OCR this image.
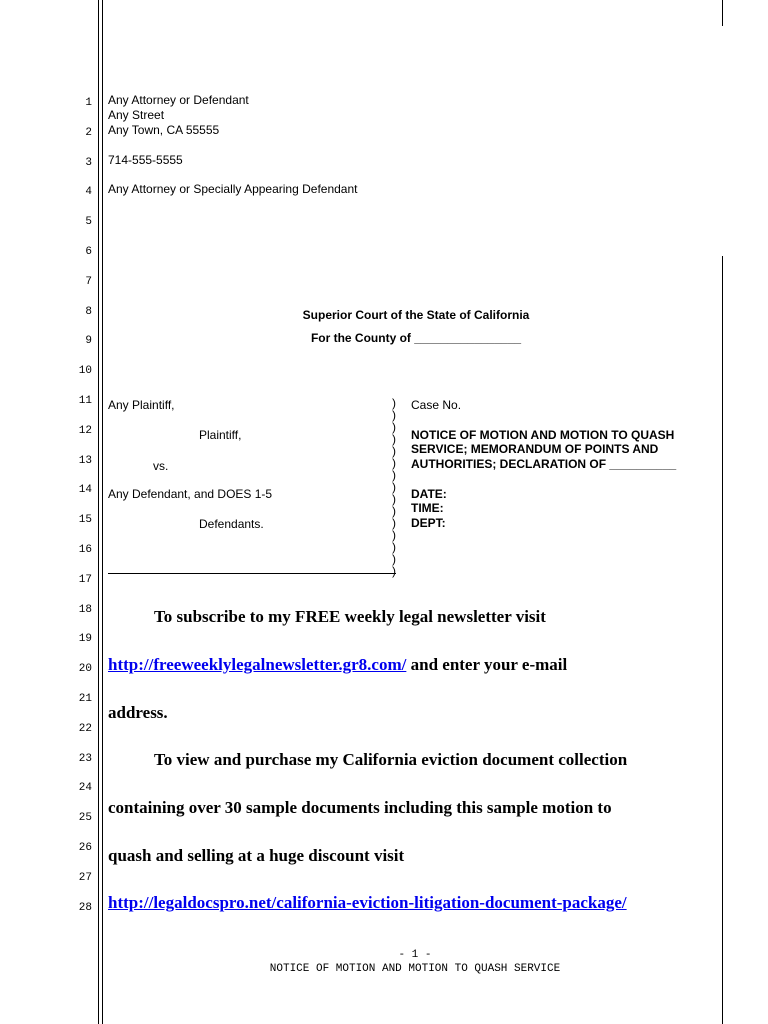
1
2
3
4
5
6
7
8
9
10
11
12
13
14
15
16
17
18
19
20
21
22
23
24
25
26
27
28
Any Attorney or Defendant
Any Street
Any Town, CA 55555
714-555-5555
Any Attorney or Specially Appearing Defendant
Superior Court of the State of California
For the County of ________________
Any Plaintiff,
Plaintiff,
vs.
Any Defendant, and DOES 1-5
Defendants.
)
)
)
)
)
)
)
)
)
)
)
)
)
)
)
Case No.
NOTICE OF MOTION AND MOTION TO QUASH
SERVICE; MEMORANDUM OF POINTS AND
AUTHORITIES; DECLARATION OF __________
DATE:
TIME:
DEPT:
To subscribe to my FREE weekly legal newsletter visit
http://freeweeklylegalnewsletter.gr8.com/ and enter your e-mail
address.
To view and purchase my California eviction document collection
containing over 30 sample documents including this sample motion to
quash and selling at a huge discount visit
http://legaldocspro.net/california-eviction-litigation-document-package/
- 1 -
NOTICE OF MOTION AND MOTION TO QUASH SERVICE
